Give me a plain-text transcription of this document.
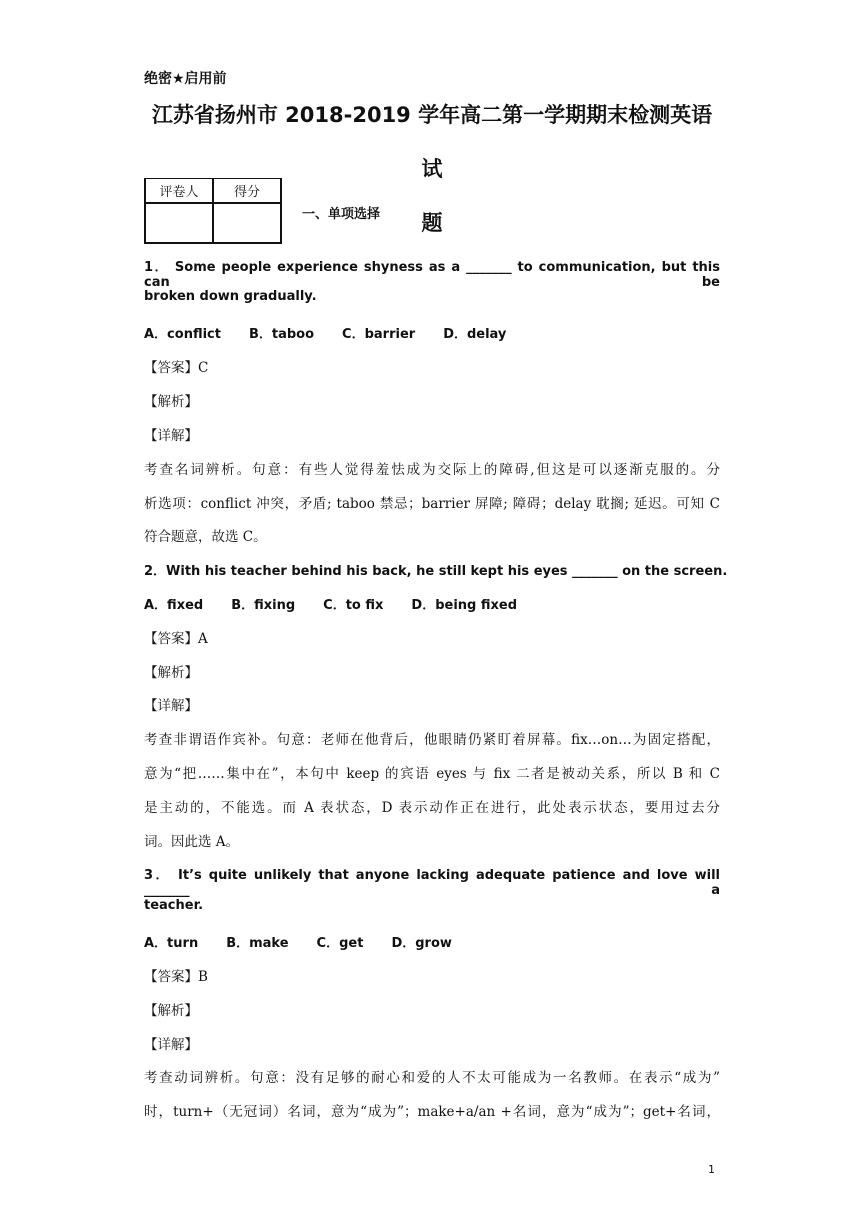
绝密★启用前
江苏省扬州市 2018-2019 学年高二第一学期期末检测英语试
题
评卷人	得分

一、单项选择
1． Some people experience shyness as a _______ to communication, but this can be
broken down gradually.
A．conflict B．taboo C．barrier D．delay
【答案】C
【解析】
【详解】
考查名词辨析。句意：有些人觉得羞怯成为交际上的障碍,但这是可以逐渐克服的。分
析选项：conflict 冲突，矛盾; taboo 禁忌；barrier 屏障; 障碍；delay 耽搁; 延迟。可知 C
符合题意，故选 C。
2．With his teacher behind his back, he still kept his eyes _______ on the screen.
A．fixed B．fixing C．to fix D．being fixed
【答案】A
【解析】
【详解】
考查非谓语作宾补。句意：老师在他背后，他眼睛仍紧盯着屏幕。fix…on…为固定搭配，
意为“把……集中在”，本句中 keep 的宾语 eyes 与 fix 二者是被动关系，所以 B 和 C
是主动的，不能选。而 A 表状态，D 表示动作正在进行，此处表示状态，要用过去分
词。因此选 A。
3． It’s quite unlikely that anyone lacking adequate patience and love will _______ a
teacher.
A．turn B．make C．get D．grow
【答案】B
【解析】
【详解】
考查动词辨析。句意：没有足够的耐心和爱的人不太可能成为一名教师。在表示“成为”
时，turn+（无冠词）名词，意为“成为”；make+a/an +名词，意为“成为”；get+名词，
1
